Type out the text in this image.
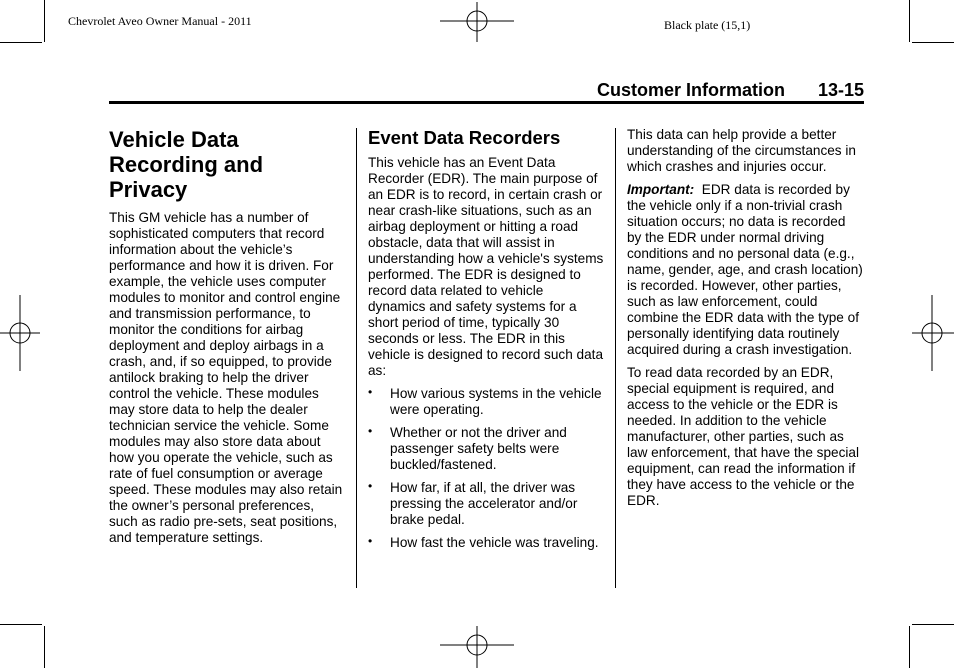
Chevrolet Aveo Owner Manual - 2011	Black plate (15,1)
Customer Information 13-15
Vehicle Data
Recording and
Privacy

This GM vehicle has a number of sophisticated computers that record information about the vehicle’s performance and how it is driven. For example, the vehicle uses computer modules to monitor and control engine and transmission performance, to monitor the conditions for airbag deployment and deploy airbags in a crash, and, if so equipped, to provide antilock braking to help the driver control the vehicle. These modules may store data to help the dealer technician service the vehicle. Some modules may also store data about how you operate the vehicle, such as rate of fuel consumption or average speed. These modules may also retain the owner’s personal preferences, such as radio pre-sets, seat positions, and temperature settings.

Event Data Recorders

This vehicle has an Event Data Recorder (EDR). The main purpose of an EDR is to record, in certain crash or near crash-like situations, such as an airbag deployment or hitting a road obstacle, data that will assist in understanding how a vehicle's systems performed. The EDR is designed to record data related to vehicle dynamics and safety systems for a short period of time, typically 30 seconds or less. The EDR in this vehicle is designed to record such data as:

• How various systems in the vehicle were operating.
• Whether or not the driver and passenger safety belts were buckled/fastened.
• How far, if at all, the driver was pressing the accelerator and/or brake pedal.
• How fast the vehicle was traveling.

This data can help provide a better understanding of the circumstances in which crashes and injuries occur.

Important: EDR data is recorded by the vehicle only if a non-trivial crash situation occurs; no data is recorded by the EDR under normal driving conditions and no personal data (e.g., name, gender, age, and crash location) is recorded. However, other parties, such as law enforcement, could combine the EDR data with the type of personally identifying data routinely acquired during a crash investigation.

To read data recorded by an EDR, special equipment is required, and access to the vehicle or the EDR is needed. In addition to the vehicle manufacturer, other parties, such as law enforcement, that have the special equipment, can read the information if they have access to the vehicle or the EDR.
